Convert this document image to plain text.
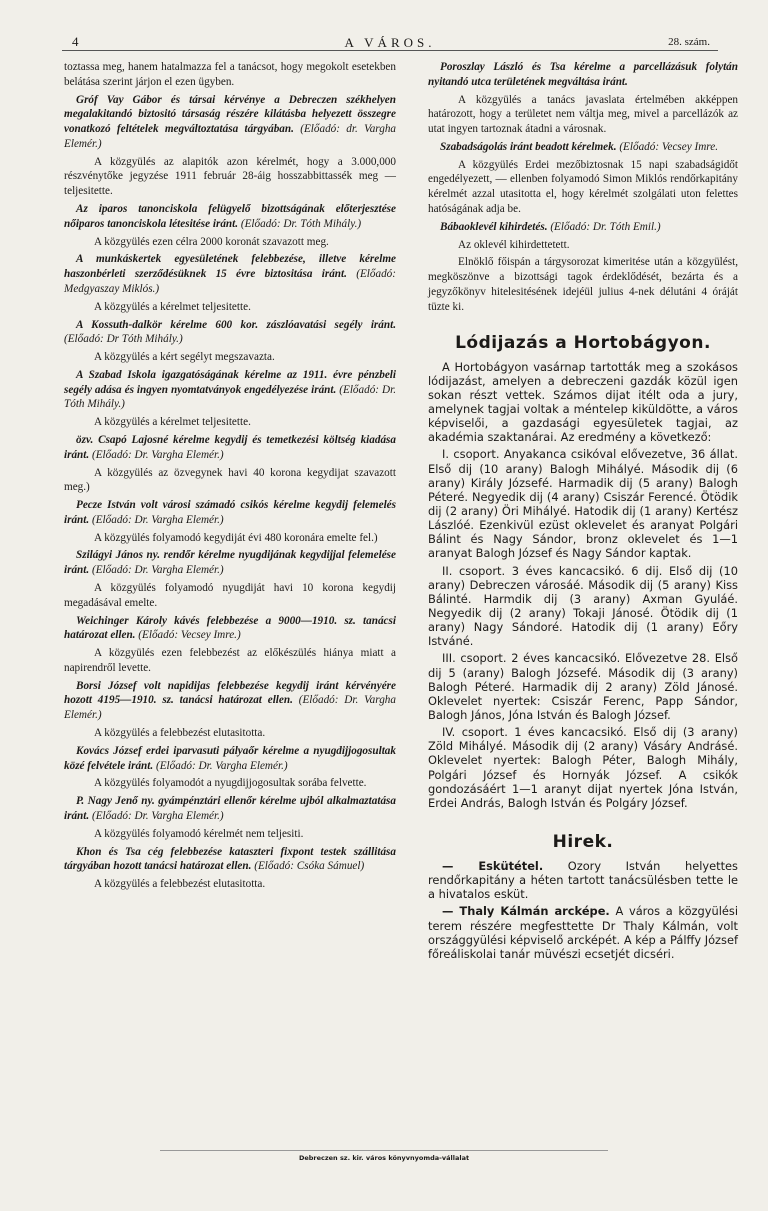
4	A VÁROS.	28. szám.

toztassa meg, hanem hatalmazza fel a tanácsot, hogy megokolt esetekben belátása szerint járjon el ezen ügyben.

Gróf Vay Gábor és társai kérvénye a Debreczen székhelyen megalakitandó biztositó társaság részére kilátásba helyezett összegre vonatkozó feltételek megváltoztatása tárgyában. (Előadó: dr. Vargha Elemér.)

A közgyülés az alapitók azon kérelmét, hogy a 3.000,000 részvénytőke jegyzése 1911 február 28-áig hosszabbittassék meg — teljesitette.

Az iparos tanonciskola felügyelő bizottságának előterjesztése nőiparos tanonciskola létesitése iránt. (Előadó: Dr. Tóth Mihály.)

A közgyülés ezen célra 2000 koronát szavazott meg.

A munkáskertek egyesületének felebbezése, illetve kérelme haszonbérleti szerződésüknek 15 évre biztositása iránt. (Előadó: Medgyaszay Miklós.)

A közgyülés a kérelmet teljesitette.

A Kossuth-dalkör kérelme 600 kor. zászlóavatási segély iránt. (Előadó: Dr Tóth Mihály.)

A közgyülés a kért segélyt megszavazta.

A Szabad Iskola igazgatóságának kérelme az 1911. évre pénzbeli segély adása és ingyen nyomtatványok engedélyezése iránt. (Előadó: Dr. Tóth Mihály.)

A közgyülés a kérelmet teljesitette.

özv. Csapó Lajosné kérelme kegydij és temetkezési költség kiadása iránt. (Előadó: Dr. Vargha Elemér.)

A közgyülés az özvegynek havi 40 korona kegydijat szavazott meg.)

Pecze István volt városi számadó csikós kérelme kegydij felemelés iránt. (Előadó: Dr. Vargha Elemér.)

A közgyülés folyamodó kegydiját évi 480 koronára emelte fel.)

Szilágyi János ny. rendőr kérelme nyugdijának kegydijjal felemelése iránt. (Előadó: Dr. Vargha Elemér.)

A közgyülés folyamodó nyugdiját havi 10 korona kegydij megadásával emelte.

Weichinger Károly kávés felebbezése a 9000—1910. sz. tanácsi határozat ellen. (Előadó: Vecsey Imre.)

A közgyülés ezen felebbezést az előkészülés hiánya miatt a napirendről levette.

Borsi József volt napidijas felebbezése kegydij iránt kérvényére hozott 4195—1910. sz. tanácsi határozat ellen. (Előadó: Dr. Vargha Elemér.)

A közgyülés a felebbezést elutasitotta.

Kovács József erdei iparvasuti pályaőr kérelme a nyugdijjogosultak közé felvétele iránt. (Előadó: Dr. Vargha Elemér.)

A közgyülés folyamodót a nyugdijjogosultak sorába felvette.

P. Nagy Jenő ny. gyámpénztári ellenőr kérelme ujból alkalmaztatása iránt. (Előadó: Dr. Vargha Elemér.)

A közgyülés folyamodó kérelmét nem teljesiti.

Khon és Tsa cég felebbezése kataszteri fixpont testek szállitása tárgyában hozott tanácsi határozat ellen. (Előadó: Csóka Sámuel)

A közgyülés a felebbezést elutasitotta.

Poroszlay László és Tsa kérelme a parcellázásuk folytán nyitandó utca területének megváltása iránt.

A közgyülés a tanács javaslata értelmében akképpen határozott, hogy a területet nem váltja meg, mivel a parcellázók az utat ingyen tartoznak átadni a városnak.

Szabadságolás iránt beadott kérelmek. (Előadó: Vecsey Imre.

A közgyülés Erdei mezőbiztosnak 15 napi szabadságidőt engedélyezett, — ellenben folyamodó Simon Miklós rendőrkapitány kérelmét azzal utasitotta el, hogy kérelmét szolgálati uton felettes hatóságának adja be.

Bábaoklevél kihirdetés. (Előadó: Dr. Tóth Emil.)

Az oklevél kihirdettetett.

Elnöklő főispán a tárgysorozat kimeritése után a közgyülést, megköszönve a bizottsági tagok érdeklődését, bezárta és a jegyzőkönyv hitelesitésének idejéül julius 4-nek délutáni 4 óráját tüzte ki.

Lódijazás a Hortobágyon.

A Hortobágyon vasárnap tartották meg a szokásos lódijazást, amelyen a debreczeni gazdák közül igen sokan részt vettek. Számos dijat itélt oda a jury, amelynek tagjai voltak a méntelep kiküldötte, a város képviselői, a gazdasági egyesületek tagjai, az akadémia szaktanárai. Az eredmény a következő:

I. csoport. Anyakanca csikóval elővezetve, 36 állat. Első dij (10 arany) Balogh Mihályé. Második dij (6 arany) Király Józsefé. Harmadik dij (5 arany) Balogh Péteré. Negyedik dij (4 arany) Csiszár Ferencé. Ötödik dij (2 arany) Öri Mihályé. Hatodik dij (1 arany) Kertész Lászlóé. Ezenkivül ezüst oklevelet és aranyat Polgári Bálint és Nagy Sándor, bronz oklevelet és 1—1 aranyat Balogh József és Nagy Sándor kaptak.

II. csoport. 3 éves kancacsikó. 6 dij. Első dij (10 arany) Debreczen városáé. Második dij (5 arany) Kiss Bálinté. Harmdik dij (3 arany) Axman Gyuláé. Negyedik dij (2 arany) Tokaji Jánosé. Ötödik dij (1 arany) Nagy Sándoré. Hatodik dij (1 arany) Eőry Istváné.

III. csoport. 2 éves kancacsikó. Elővezetve 28. Első dij 5 (arany) Balogh Józsefé. Második dij (3 arany) Balogh Péteré. Harmadik dij 2 arany) Zöld Jánosé. Oklevelet nyertek: Csiszár Ferenc, Papp Sándor, Balogh János, Jóna István és Balogh József.

IV. csoport. 1 éves kancacsikó. Első dij (3 arany) Zöld Mihályé. Második dij (2 arany) Vásáry Andrásé. Oklevelet nyertek: Balogh Péter, Balogh Mihály, Polgári József és Hornyák József. A csikók gondozásáért 1—1 aranyt dijat nyertek Jóna István, Erdei András, Balogh István és Polgáry József.

Hirek.

— Eskütétel. Ozory István helyettes rendőrkapitány a héten tartott tanácsülésben tette le a hivatalos esküt.

— Thaly Kálmán arcképe. A város a közgyülési terem részére megfesttette Dr Thaly Kálmán, volt országgyülési képviselő arcképét. A kép a Pálffy József főreáliskolai tanár müvészi ecsetjét dicséri.

Debreczen sz. kir. város könyvnyomda-vállalat
